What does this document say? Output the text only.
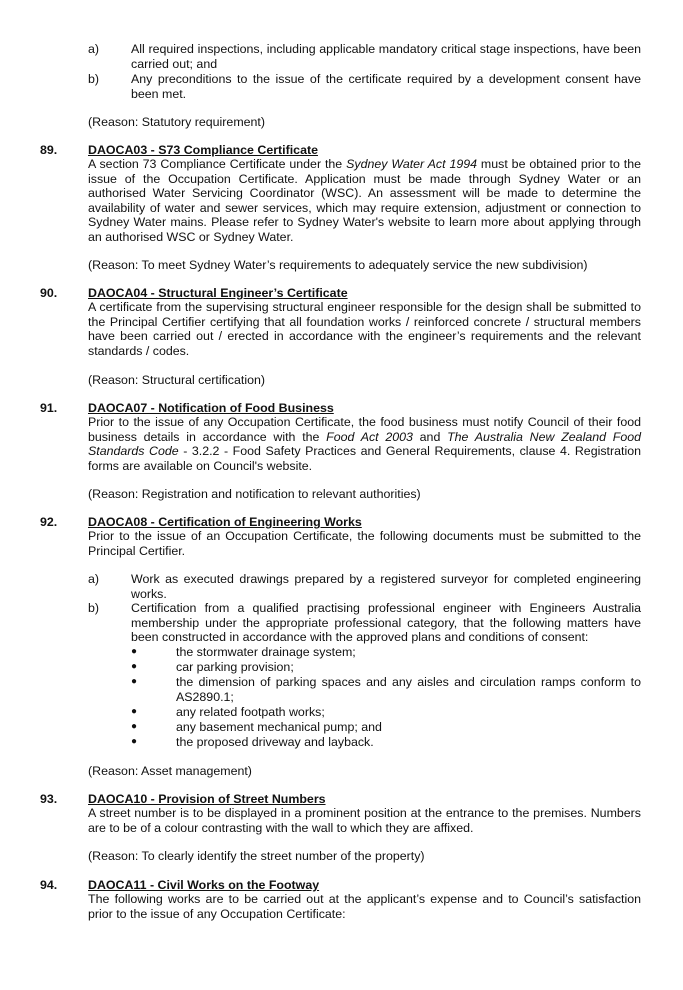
a)	All required inspections, including applicable mandatory critical stage inspections, have been carried out; and
b)	Any preconditions to the issue of the certificate required by a development consent have been met.
(Reason: Statutory requirement)
89. DAOCA03 - S73 Compliance Certificate
A section 73 Compliance Certificate under the Sydney Water Act 1994 must be obtained prior to the issue of the Occupation Certificate. Application must be made through Sydney Water or an authorised Water Servicing Coordinator (WSC). An assessment will be made to determine the availability of water and sewer services, which may require extension, adjustment or connection to Sydney Water mains. Please refer to Sydney Water's website to learn more about applying through an authorised WSC or Sydney Water.
(Reason: To meet Sydney Water’s requirements to adequately service the new subdivision)
90. DAOCA04 - Structural Engineer’s Certificate
A certificate from the supervising structural engineer responsible for the design shall be submitted to the Principal Certifier certifying that all foundation works / reinforced concrete / structural members have been carried out / erected in accordance with the engineer’s requirements and the relevant standards / codes.
(Reason: Structural certification)
91. DAOCA07 - Notification of Food Business
Prior to the issue of any Occupation Certificate, the food business must notify Council of their food business details in accordance with the Food Act 2003 and The Australia New Zealand Food Standards Code - 3.2.2 - Food Safety Practices and General Requirements, clause 4. Registration forms are available on Council's website.
(Reason: Registration and notification to relevant authorities)
92. DAOCA08 - Certification of Engineering Works
Prior to the issue of an Occupation Certificate, the following documents must be submitted to the Principal Certifier.
a)	Work as executed drawings prepared by a registered surveyor for completed engineering works.
b)	Certification from a qualified practising professional engineer with Engineers Australia membership under the appropriate professional category, that the following matters have been constructed in accordance with the approved plans and conditions of consent:
●	the stormwater drainage system;
●	car parking provision;
●	the dimension of parking spaces and any aisles and circulation ramps conform to AS2890.1;
●	any related footpath works;
●	any basement mechanical pump; and
●	the proposed driveway and layback.
(Reason: Asset management)
93. DAOCA10 - Provision of Street Numbers
A street number is to be displayed in a prominent position at the entrance to the premises. Numbers are to be of a colour contrasting with the wall to which they are affixed.
(Reason: To clearly identify the street number of the property)
94. DAOCA11 - Civil Works on the Footway
The following works are to be carried out at the applicant’s expense and to Council’s satisfaction prior to the issue of any Occupation Certificate:
